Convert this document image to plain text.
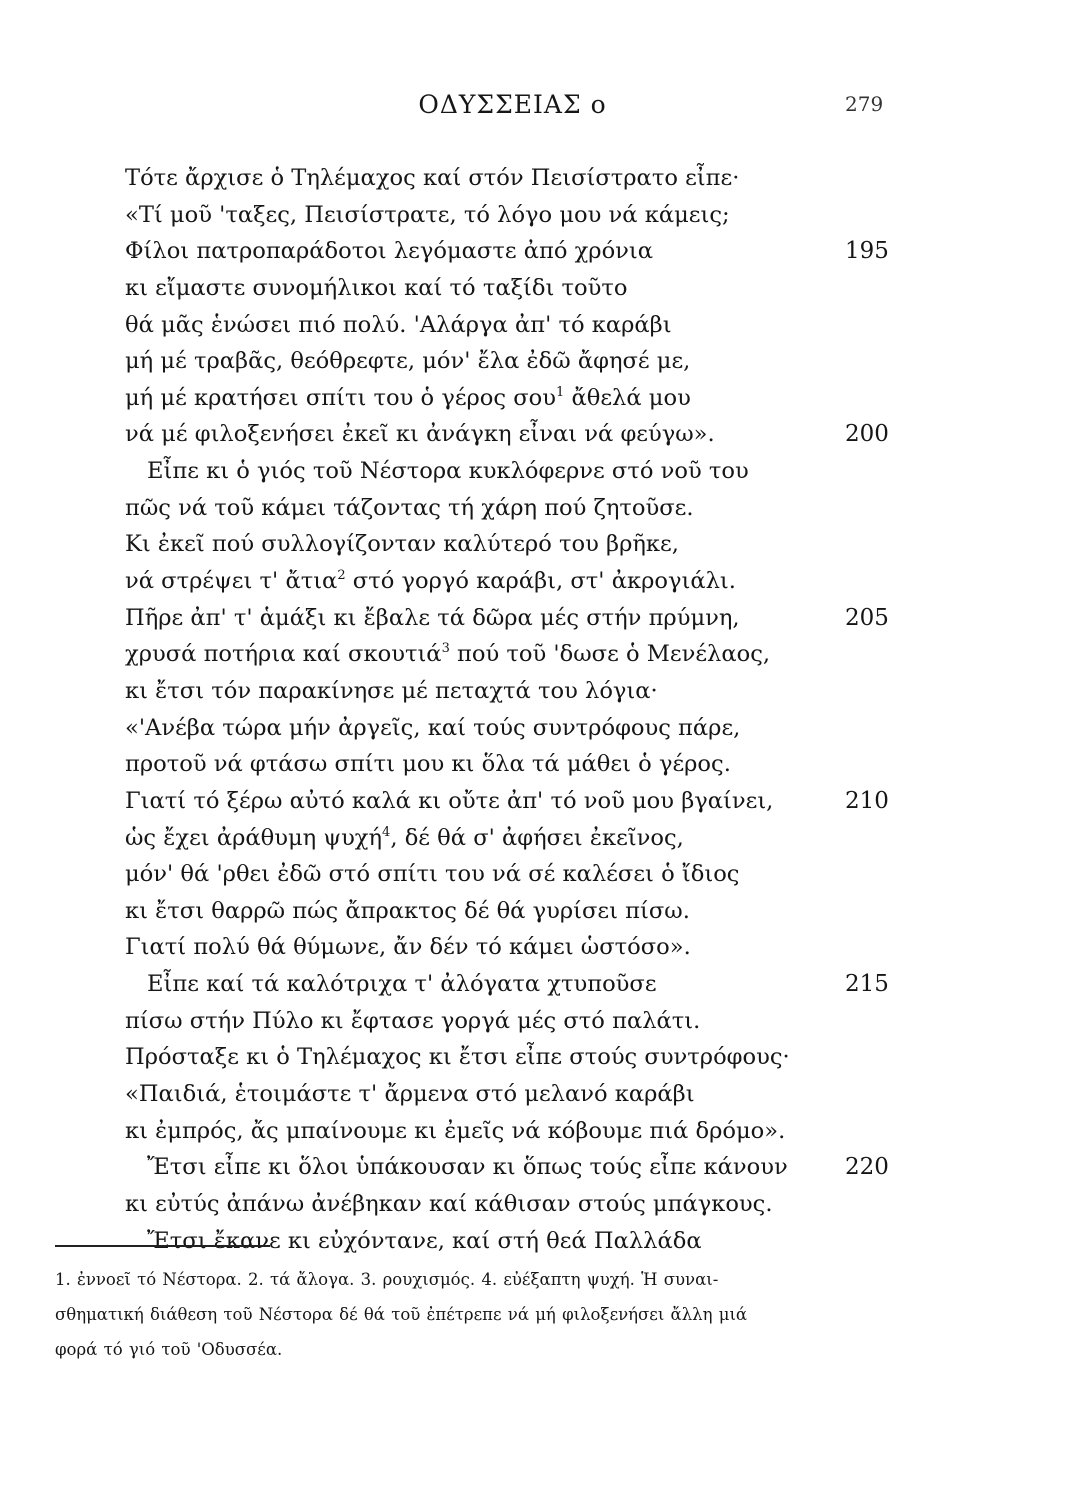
ΟΔΥΣΣΕΙΑΣ ο	279
Τότε ἄρχισε ὁ Τηλέμαχος καί στόν Πεισίστρατο εἶπε·
«Τί μοῦ 'ταξες, Πεισίστρατε, τό λόγο μου νά κάμεις;
Φίλοι πατροπαράδοτοι λεγόμαστε ἀπό χρόνια	195
κι εἴμαστε συνομήλικοι καί τό ταξίδι τοῦτο
θά μᾶς ἑνώσει πιό πολύ. 'Αλάργα ἀπ' τό καράβι
μή μέ τραβᾶς, θεόθρεφτε, μόν' ἔλα ἐδῶ ἄφησέ με,
μή μέ κρατήσει σπίτι του ὁ γέρος σου$^1$ ἄθελά μου
νά μέ φιλοξενήσει ἐκεῖ κι ἀνάγκη εἶναι νά φεύγω».	200
Εἶπε κι ὁ γιός τοῦ Νέστορα κυκλόφερνε στό νοῦ του
πῶς νά τοῦ κάμει τάζοντας τή χάρη πού ζητοῦσε.
Κι ἐκεῖ πού συλλογίζονταν καλύτερό του βρῆκε,
νά στρέψει τ' ἄτια$^2$ στό γοργό καράβι, στ' ἀκρογιάλι.
Πῆρε ἀπ' τ' ἁμάξι κι ἔβαλε τά δῶρα μές στήν πρύμνη,	205
χρυσά ποτήρια καί σκουτιά$^3$ πού τοῦ 'δωσε ὁ Μενέλαος,
κι ἔτσι τόν παρακίνησε μέ πεταχτά του λόγια·
«'Ανέβα τώρα μήν ἀργεῖς, καί τούς συντρόφους πάρε,
προτοῦ νά φτάσω σπίτι μου κι ὅλα τά μάθει ὁ γέρος.
Γιατί τό ξέρω αὐτό καλά κι οὔτε ἀπ' τό νοῦ μου βγαίνει,	210
ὡς ἔχει ἀράθυμη ψυχή$^4$, δέ θά σ' ἀφήσει ἐκεῖνος,
μόν' θά 'ρθει ἐδῶ στό σπίτι του νά σέ καλέσει ὁ ἴδιος
κι ἔτσι θαρρῶ πώς ἄπρακτος δέ θά γυρίσει πίσω.
Γιατί πολύ θά θύμωνε, ἄν δέν τό κάμει ὡστόσο».
Εἶπε καί τά καλότριχα τ' ἀλόγατα χτυποῦσε	215
πίσω στήν Πύλο κι ἔφτασε γοργά μές στό παλάτι.
Πρόσταξε κι ὁ Τηλέμαχος κι ἔτσι εἶπε στούς συντρόφους·
«Παιδιά, ἑτοιμάστε τ' ἄρμενα στό μελανό καράβι
κι ἐμπρός, ἄς μπαίνουμε κι ἐμεῖς νά κόβουμε πιά δρόμο».
Ἔτσι εἶπε κι ὅλοι ὑπάκουσαν κι ὅπως τούς εἶπε κάνουν 220
κι εὐτύς ἀπάνω ἀνέβηκαν καί κάθισαν στούς μπάγκους.
Ἔτσι ἔκανε κι εὐχόντανε, καί στή θεά Παλλάδα
1. ἐννοεῖ τό Νέστορα. 2. τά ἄλογα. 3. ρουχισμός. 4. εὐέξαπτη ψυχή. Ἡ συναι-
σθηματική διάθεση τοῦ Νέστορα δέ θά τοῦ ἐπέτρεπε νά μή φιλοξενήσει ἄλλη μιά
φορά τό γιό τοῦ 'Οδυσσέα.
